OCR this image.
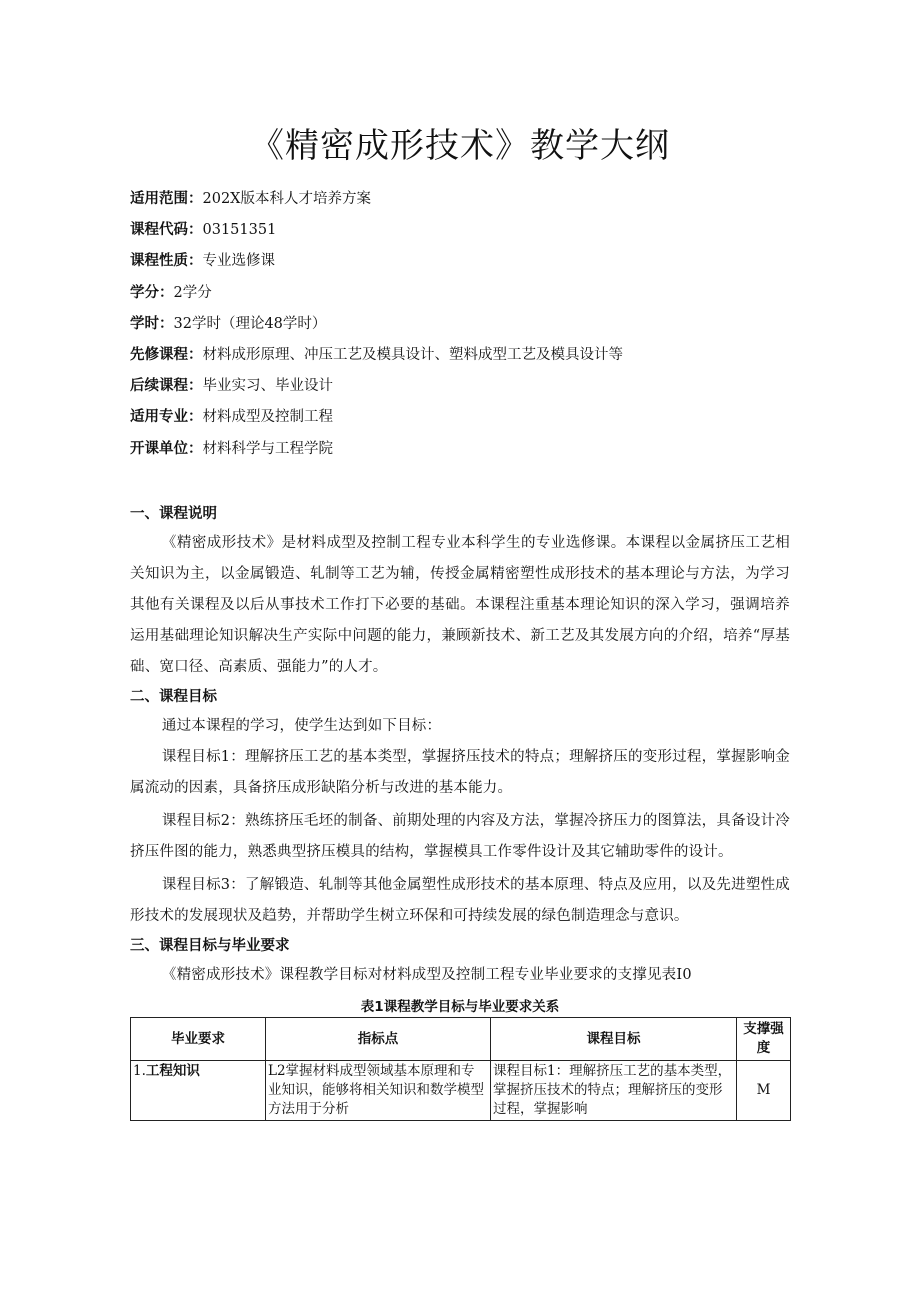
《精密成形技术》教学大纲
适用范围：202X版本科人才培养方案
课程代码：03151351
课程性质：专业选修课
学分：2学分
学时：32学时（理论48学时）
先修课程：材料成形原理、冲压工艺及模具设计、塑料成型工艺及模具设计等
后续课程：毕业实习、毕业设计
适用专业：材料成型及控制工程
开课单位：材料科学与工程学院
一、课程说明

《精密成形技术》是材料成型及控制工程专业本科学生的专业选修课。本课程以金属挤压工艺相关知识为主，以金属锻造、轧制等工艺为辅，传授金属精密塑性成形技术的基本理论与方法，为学习其他有关课程及以后从事技术工作打下必要的基础。本课程注重基本理论知识的深入学习，强调培养运用基础理论知识解决生产实际中问题的能力，兼顾新技术、新工艺及其发展方向的介绍，培养“厚基础、宽口径、高素质、强能力”的人才。

二、课程目标

通过本课程的学习，使学生达到如下目标：

课程目标1：理解挤压工艺的基本类型，掌握挤压技术的特点；理解挤压的变形过程，掌握影响金属流动的因素，具备挤压成形缺陷分析与改进的基本能力。

课程目标2：熟练挤压毛坯的制备、前期处理的内容及方法，掌握冷挤压力的图算法，具备设计冷挤压件图的能力，熟悉典型挤压模具的结构，掌握模具工作零件设计及其它辅助零件的设计。

课程目标3：了解锻造、轧制等其他金属塑性成形技术的基本原理、特点及应用，以及先进塑性成形技术的发展现状及趋势，并帮助学生树立环保和可持续发展的绿色制造理念与意识。

三、课程目标与毕业要求

《精密成形技术》课程教学目标对材料成型及控制工程专业毕业要求的支撑见表I0

表1课程教学目标与毕业要求关系
毕业要求	指标点	课程目标	支撑强度
1.工程知识	L2掌握材料成型领域基本原理和专业知识，能够将相关知识和数学模型方法用于分析	课程目标1：理解挤压工艺的基本类型，掌握挤压技术的特点；理解挤压的变形过程，掌握影响	M
